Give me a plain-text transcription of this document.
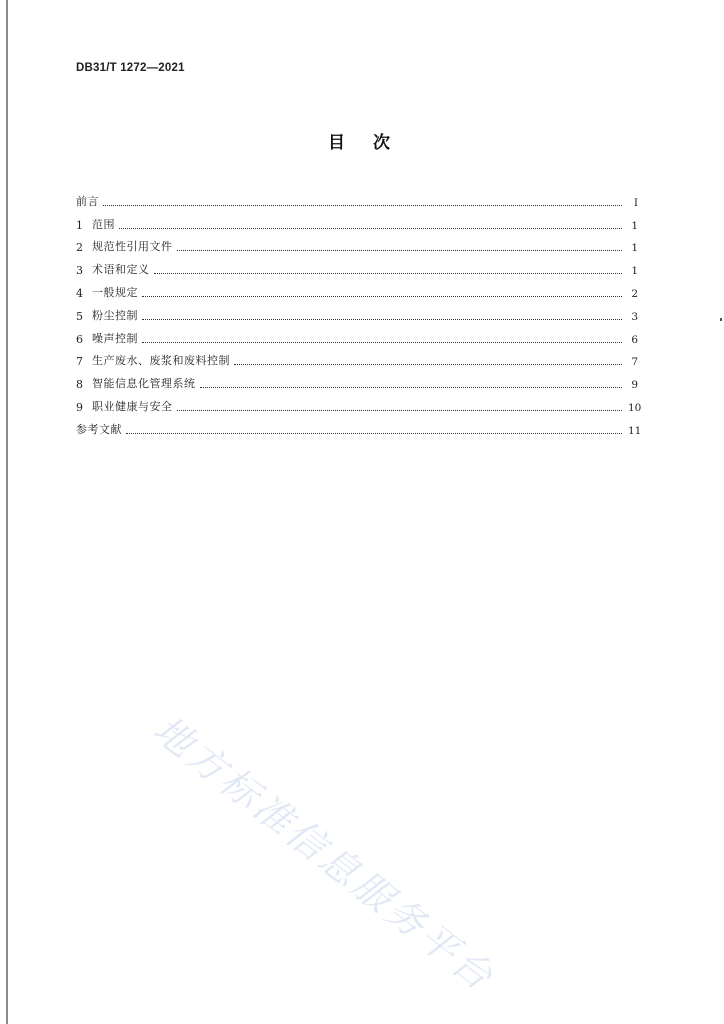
DB31/T 1272—2021
目次
前言	I
1 范围	1
2 规范性引用文件	1
3 术语和定义	1
4 一般规定	2
5 粉尘控制	3
6 噪声控制	6
7 生产废水、废浆和废料控制	7
8 智能信息化管理系统	9
9 职业健康与安全	10
参考文献	11
地方标准信息服务平台
